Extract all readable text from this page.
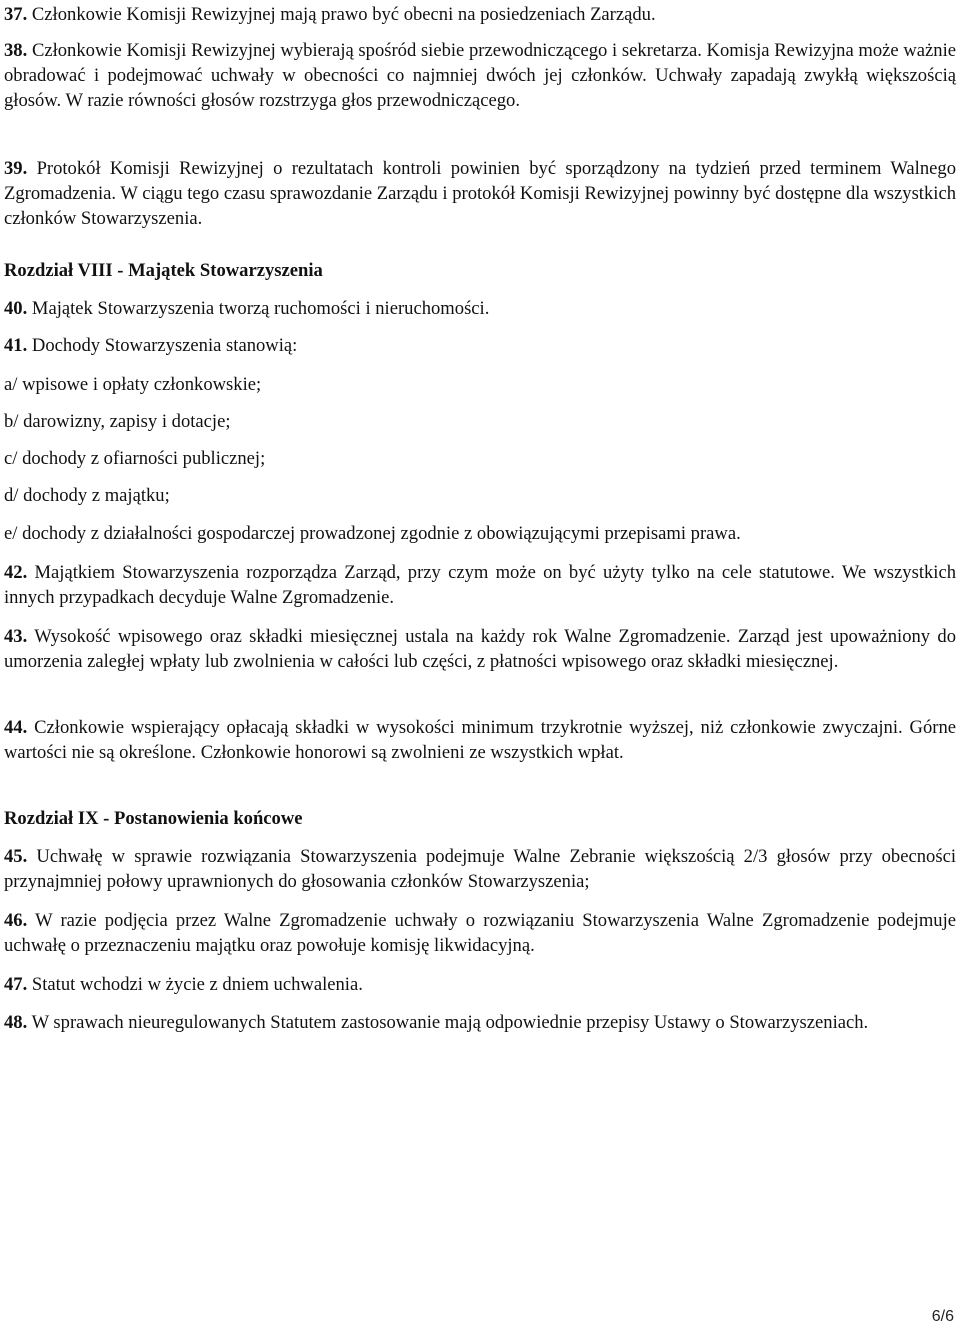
37. Członkowie Komisji Rewizyjnej mają prawo być obecni na posiedzeniach Zarządu.

38. Członkowie Komisji Rewizyjnej wybierają spośród siebie przewodniczącego i sekretarza. Komisja Rewizyjna może ważnie obradować i podejmować uchwały w obecności co najmniej dwóch jej członków. Uchwały zapadają zwykłą większością głosów. W razie równości głosów rozstrzyga głos przewodniczącego.

39. Protokół Komisji Rewizyjnej o rezultatach kontroli powinien być sporządzony na tydzień przed terminem Walnego Zgromadzenia. W ciągu tego czasu sprawozdanie Zarządu i protokół Komisji Rewizyjnej powinny być dostępne dla wszystkich członków Stowarzyszenia.

Rozdział VIII - Majątek Stowarzyszenia

40. Majątek Stowarzyszenia tworzą ruchomości i nieruchomości.

41. Dochody Stowarzyszenia stanowią:

a/ wpisowe i opłaty członkowskie;

b/ darowizny, zapisy i dotacje;

c/ dochody z ofiarności publicznej;

d/ dochody z majątku;

e/ dochody z działalności gospodarczej prowadzonej zgodnie z obowiązującymi przepisami prawa.

42. Majątkiem Stowarzyszenia rozporządza Zarząd, przy czym może on być użyty tylko na cele statutowe. We wszystkich innych przypadkach decyduje Walne Zgromadzenie.

43. Wysokość wpisowego oraz składki miesięcznej ustala na każdy rok Walne Zgromadzenie. Zarząd jest upoważniony do umorzenia zaległej wpłaty lub zwolnienia w całości lub części, z płatności wpisowego oraz składki miesięcznej.

44. Członkowie wspierający opłacają składki w wysokości minimum trzykrotnie wyższej, niż członkowie zwyczajni. Górne wartości nie są określone. Członkowie honorowi są zwolnieni ze wszystkich wpłat.

Rozdział IX - Postanowienia końcowe

45. Uchwałę w sprawie rozwiązania Stowarzyszenia podejmuje Walne Zebranie większością 2/3 głosów przy obecności przynajmniej połowy uprawnionych do głosowania członków Stowarzyszenia;

46. W razie podjęcia przez Walne Zgromadzenie uchwały o rozwiązaniu Stowarzyszenia Walne Zgromadzenie podejmuje uchwałę o przeznaczeniu majątku oraz powołuje komisję likwidacyjną.

47. Statut wchodzi w życie z dniem uchwalenia.

48. W sprawach nieuregulowanych Statutem zastosowanie mają odpowiednie przepisy Ustawy o Stowarzyszeniach.

6/6
